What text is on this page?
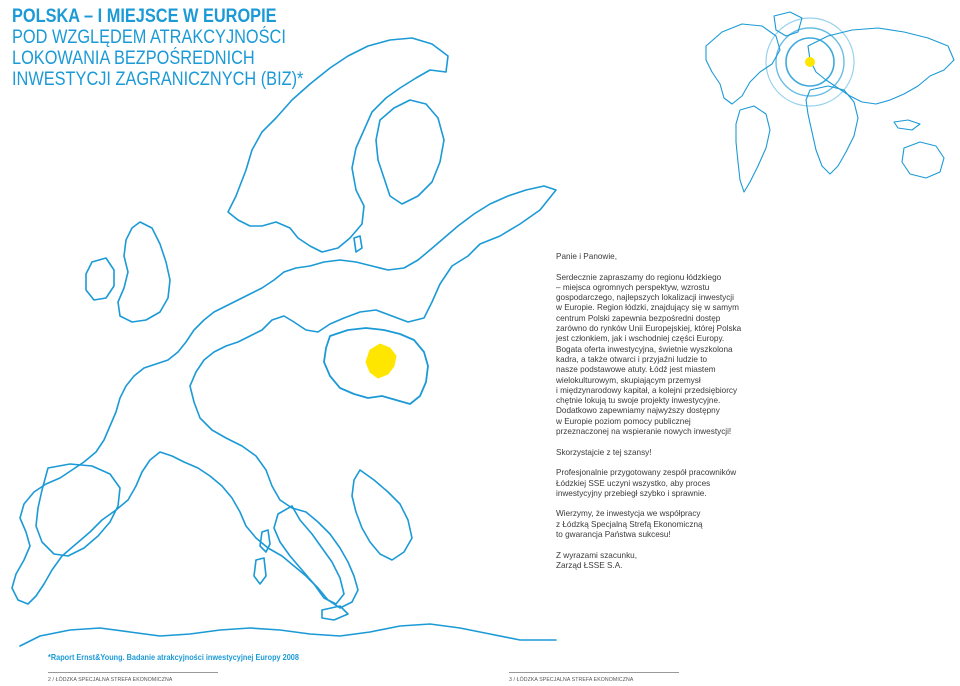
POLSKA – I MIEJSCE W EUROPIE
POD WZGLĘDEM ATRAKCYJNOŚCI
LOKOWANIA BEZPOŚREDNICH
INWESTYCJI ZAGRANICZNYCH (BIZ)*

Panie i Panowie,

Serdecznie zapraszamy do regionu łódzkiego
– miejsca ogromnych perspektyw, wzrostu
gospodarczego, najlepszych lokalizacji inwestycji
w Europie. Region łódzki, znajdujący się w samym
centrum Polski zapewnia bezpośredni dostęp
zarówno do rynków Unii Europejskiej, której Polska
jest członkiem, jak i wschodniej części Europy.
Bogata oferta inwestycyjna, świetnie wyszkolona
kadra, a także otwarci i przyjaźni ludzie to
nasze podstawowe atuty. Łódź jest miastem
wielokulturowym, skupiającym przemysł
i międzynarodowy kapitał, a kolejni przedsiębiorcy
chętnie lokują tu swoje projekty inwestycyjne.
Dodatkowo zapewniamy najwyższy dostępny
w Europie poziom pomocy publicznej
przeznaczonej na wspieranie nowych inwestycji!

Skorzystajcie z tej szansy!

Profesjonalnie przygotowany zespół pracowników
Łódzkiej SSE uczyni wszystko, aby proces
inwestycyjny przebiegł szybko i sprawnie.

Wierzymy, że inwestycja we współpracy
z Łódzką Specjalną Strefą Ekonomiczną
to gwarancja Państwa sukcesu!

Z wyrazami szacunku,

Zarząd ŁSSE S.A.

*Raport Ernst&Young. Badanie atrakcyjności inwestycyjnej Europy 2008
2 / ŁÓDZKA SPECJALNA STREFA EKONOMICZNA	3 / ŁÓDZKA SPECJALNA STREFA EKONOMICZNA
